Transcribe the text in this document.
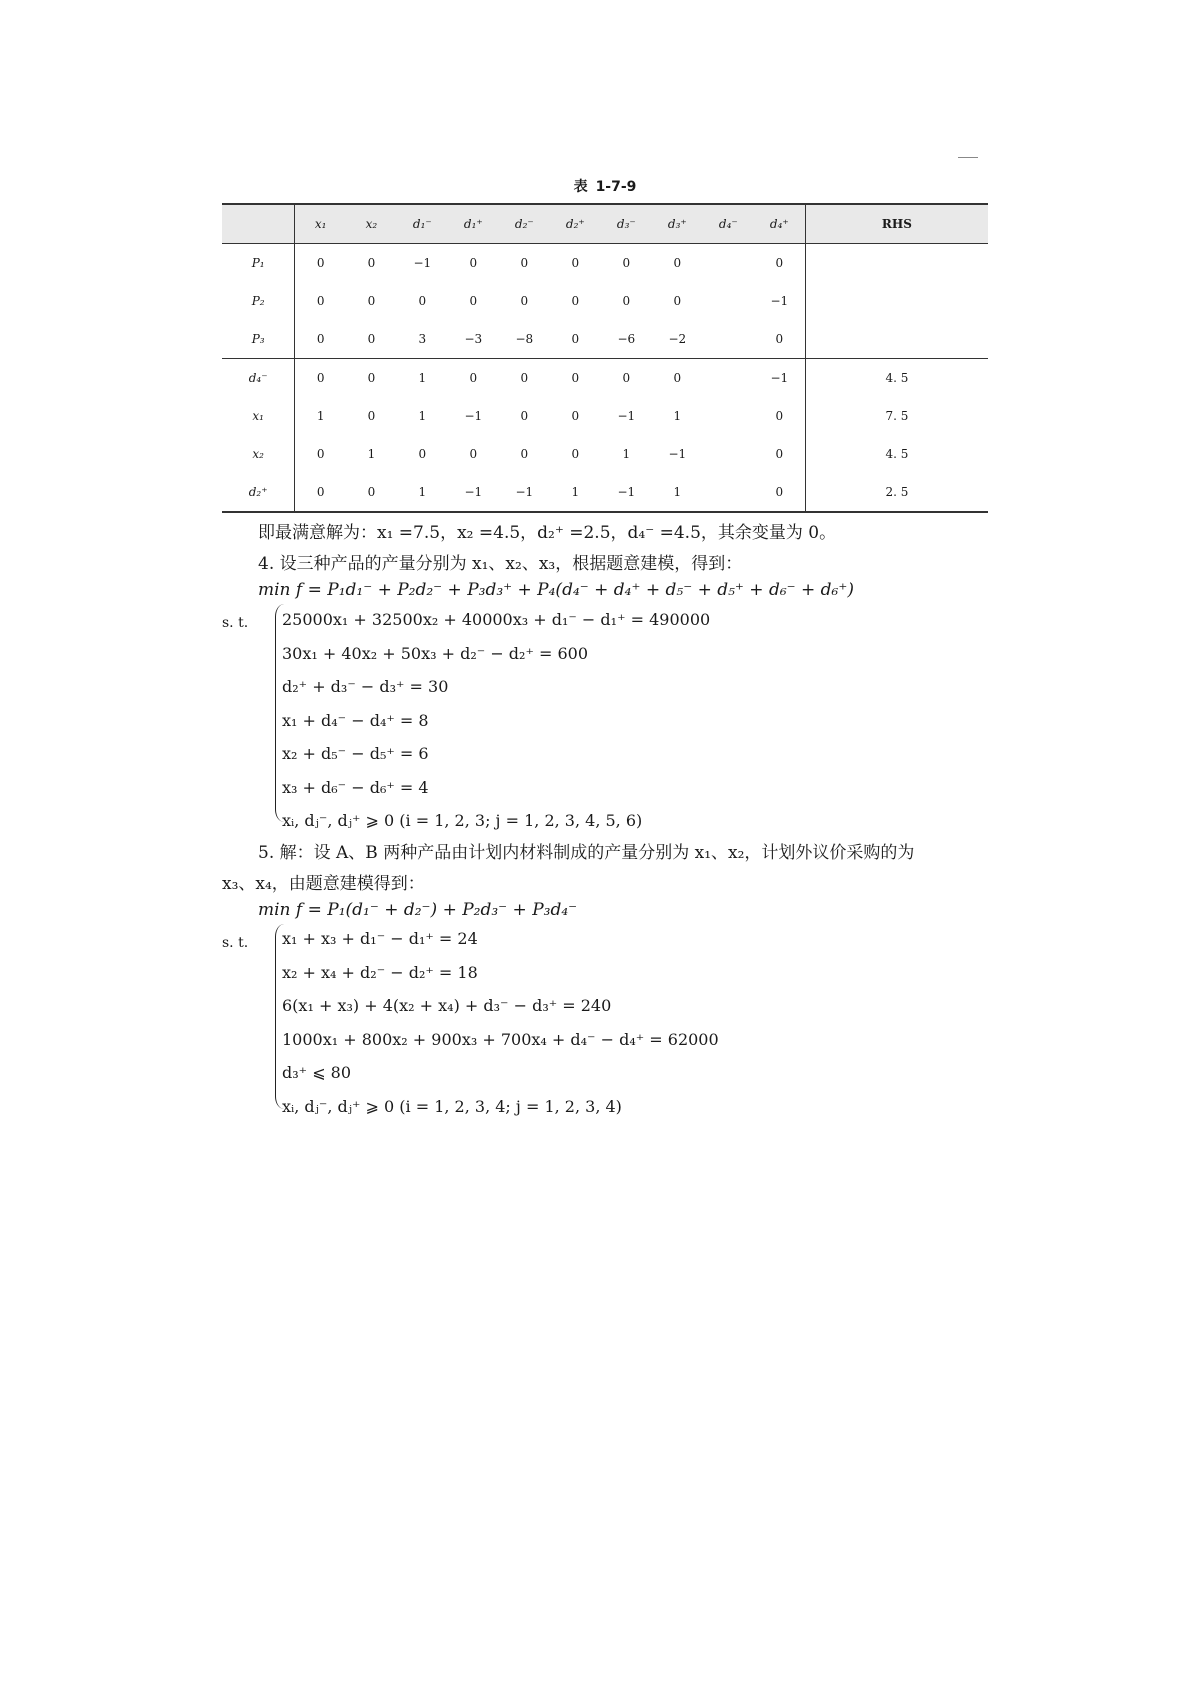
表 1-7-9
	x₁	x₂	d₁⁻	d₁⁺	d₂⁻	d₂⁺	d₃⁻	d₃⁺	d₄⁻	d₄⁺	RHS
P₁	0	0	−1	0	0	0	0	0		0	
P₂	0	0	0	0	0	0	0	0		−1	
P₃	0	0	3	−3	−8	0	−6	−2		0	
d₄⁻	0	0	1	0	0	0	0	0		−1	4. 5
x₁	1	0	1	−1	0	0	−1	1		0	7. 5
x₂	0	1	0	0	0	0	1	−1		0	4. 5
d₂⁺	0	0	1	−1	−1	1	−1	1		0	2. 5
即最满意解为：x₁ =7.5，x₂ =4.5，d₂⁺ =2.5，d₄⁻ =4.5，其余变量为 0。
4. 设三种产品的产量分别为 x₁、x₂、x₃，根据题意建模，得到：
min f = P₁d₁⁻ + P₂d₂⁻ + P₃d₃⁺ + P₄(d₄⁻ + d₄⁺ + d₅⁻ + d₅⁺ + d₆⁻ + d₆⁺)
s. t. 25000x₁ + 32500x₂ + 40000x₃ + d₁⁻ − d₁⁺ = 490000
30x₁ + 40x₂ + 50x₃ + d₂⁻ − d₂⁺ = 600
d₂⁺ + d₃⁻ − d₃⁺ = 30
x₁ + d₄⁻ − d₄⁺ = 8
x₂ + d₅⁻ − d₅⁺ = 6
x₃ + d₆⁻ − d₆⁺ = 4
xᵢ, dⱼ⁻, dⱼ⁺ ⩾ 0 (i = 1, 2, 3; j = 1, 2, 3, 4, 5, 6)
5. 解：设 A、B 两种产品由计划内材料制成的产量分别为 x₁、x₂，计划外议价采购的为
x₃、x₄，由题意建模得到：
min f = P₁(d₁⁻ + d₂⁻) + P₂d₃⁻ + P₃d₄⁻
s. t. x₁ + x₃ + d₁⁻ − d₁⁺ = 24
x₂ + x₄ + d₂⁻ − d₂⁺ = 18
6(x₁ + x₃) + 4(x₂ + x₄) + d₃⁻ − d₃⁺ = 240
1000x₁ + 800x₂ + 900x₃ + 700x₄ + d₄⁻ − d₄⁺ = 62000
d₃⁺ ⩽ 80
xᵢ, dⱼ⁻, dⱼ⁺ ⩾ 0 (i = 1, 2, 3, 4; j = 1, 2, 3, 4)
